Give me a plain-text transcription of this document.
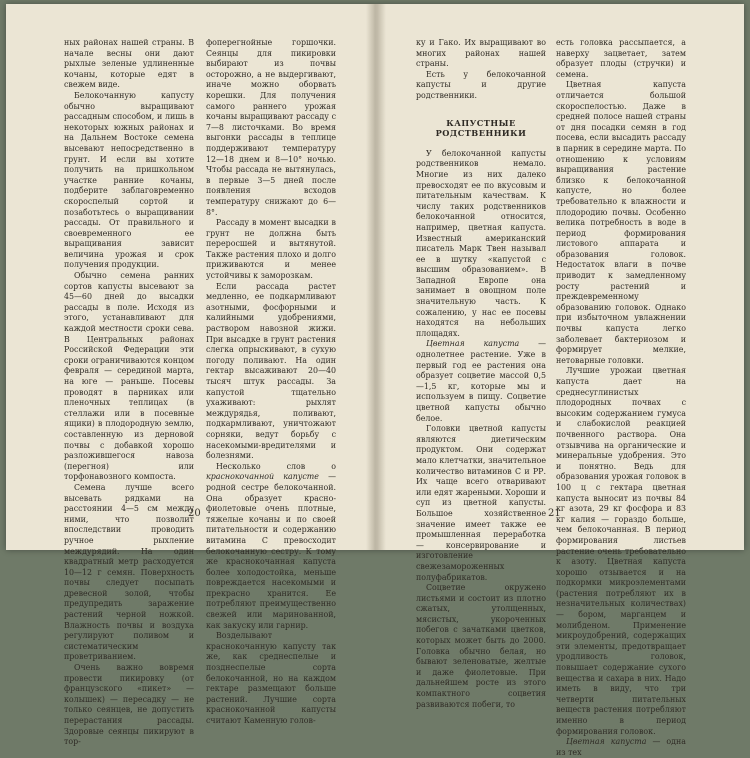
ных районах нашей страны. В начале весны они дают рыхлые зеленые удлиненные кочаны, которые едят в свежем виде.

Белокочанную капусту обычно выращивают рассадным способом, и лишь в некоторых южных районах и на Дальнем Востоке семена высевают непосредственно в грунт. И если вы хотите получить на пришкольном участке ранние кочаны, подберите заблаговременно скороспелый сортой и позаботьтесь о выращивании рассады. От правильного и своевременного ее выращивания зависит величина урожая и срок получения продукции.

Обычно семена ранних сортов капусты высевают за 45—60 дней до высадки рассады в поле. Исходя из этого, устанавливают для каждой местности сроки сева. В Центральных районах Российской Федерации эти сроки ограничиваются концом февраля — серединой марта, на юге — раньше. Посевы проводят в парниках или пленочных теплицах (в стеллажи или в посевные ящики) в плодородную землю, составленную из дерновой почвы с добавкой хорошо разложившегося навоза (перегноя) или торфонавозного компоста.

Семена лучше всего высевать рядками на расстоянии 4—5 см между ними, что позволит впоследствии проводить ручное рыхление междурядий. На один квадратный метр расходуется 10—12 г семян. Поверхность почвы следует посыпать древесной золой, чтобы предупредить заражение растений черной ножкой. Влажность почвы и воздуха регулируют поливом и систематическим проветриванием.

Очень важно вовремя провести пикировку (от французского «пикет» — колышек) — пересадку — не только сеянцев, не допустить перерастания рассады. Здоровые сеянцы пикируют в тор-

фоперегнойные горшочки. Сеянцы для пикировки выбирают из почвы осторожно, а не выдергивают, иначе можно оборвать корешки. Для получения самого раннего урожая кочаны выращивают рассаду с 7—8 листочками. Во время выгонки рассады в теплице поддерживают температуру 12—18 днем и 8—10° ночью. Чтобы рассада не вытянулась, в первые 3—5 дней после появления всходов температуру снижают до 6—8°.

Рассаду в момент высадки в грунт не должна быть переросшей и вытянутой. Также растения плохо и долго приживаются и менее устойчивы к заморозкам.

Если рассада растет медленно, ее подкармливают азотными, фосфорными и калийными удобрениями, раствором навозной жижи. При высадке в грунт растения слегка опрыскивают, в сухую погоду поливают. На один гектар высаживают 20—40 тысяч штук рассады. За капустой тщательно ухаживают: рыхлят междурядья, поливают, подкармливают, уничтожают сорняки, ведут борьбу с насекомыми-вредителями и болезнями.

Несколько слов о краснокочанной капусте — родной сестре белокочанной. Она образует красно-фиолетовые очень плотные, тяжелые кочаны и по своей питательности и содержанию витамина С превосходит белокочанную сестру. К тому же краснокочанная капуста более холодостойка, меньше повреждается насекомыми и прекрасно хранится. Ее потребляют преимущественно свежей или маринованной, как закуску или гарнир.

Возделывают краснокочанную капусту так же, как среднеспелые и позднеспелые сорта белокочанной, но на каждом гектаре размещают больше растений. Лучшие сорта краснокочанной капусты считают Каменную голов-

20

ку и Гако. Их выращивают во многих районах нашей страны.

Есть у белокочанной капусты и другие родственники.

КАПУСТНЫЕ РОДСТВЕННИКИ

У белокочанной капусты родственников немало. Многие из них далеко превосходят ее по вкусовым и питательным качествам. К числу таких родственников белокочанной относится, например, цветная капуста. Известный американский писатель Марк Твен называл ее в шутку «капустой с высшим образованием». В Западной Европе она занимает в овощном поле значительную часть. К сожалению, у нас ее посевы находятся на небольших площадях.

Цветная капуста — однолетнее растение. Уже в первый год ее растения она образует соцветие массой 0,5—1,5 кг, которые мы и используем в пищу. Соцветие цветной капусты обычно белое.

Головки цветной капусты являются диетическим продуктом. Они содержат мало клетчатки, значительное количество витаминов С и РР. Их чаще всего отваривают или едят жареными. Хороши и суп из цветной капусты. Большое хозяйственное значение имеет также ее промышленная переработка — консервирование и изготовление свежезамороженных полуфабрикатов.

Соцветие окружено листьями и состоит из плотно сжатых, утолщенных, мясистых, укороченных побегов с зачатками цветков, которых может быть до 2000. Головка обычно белая, но бывают зеленоватые, желтые и даже фиолетовые. При дальнейшем росте из этого компактного соцветия развиваются побеги, то

есть головка рассыпается, а наверху зацветает, затем образует плоды (стручки) и семена.

Цветная капуста отличается большой скороспелостью. Даже в средней полосе нашей страны от дня посадки семян в год посева, если высадить рассаду в парник в середине марта. По отношению к условиям выращивания растение близко к белокочанной капусте, но более требовательно к влажности и плодородию почвы. Особенно велика потребность в воде в период формирования листового аппарата и образования головок. Недостаток влаги в почве приводит к замедленному росту растений и преждевременному образованию головок. Однако при избыточном увлажнении почвы капуста легко заболевает бактериозом и формирует мелкие, нетоварные головки.

Лучшие урожаи цветная капуста дает на среднесуглинистых плодородных почвах с высоким содержанием гумуса и слабокислой реакцией почвенного раствора. Она отзывчива на органические и минеральные удобрения. Это и понятно. Ведь для образования урожая головок в 100 ц с гектара цветная капуста выносит из почвы 84 кг азота, 29 кг фосфора и 83 кг калия — гораздо больше, чем белокочанная. В период формирования листьев растение очень требовательно к азоту. Цветная капуста хорошо отзывается и на подкормки микроэлементами (растения потребляют их в незначительных количествах) — бором, марганцем и молибденом. Применение микроудобрений, содержащих эти элементы, предотвращает уродливость головок, повышает содержание сухого вещества и сахара в них. Надо иметь в виду, что три четверти питательных веществ растения потребляют именно в период формирования головок.

Цветная капуста — одна из тех

21
